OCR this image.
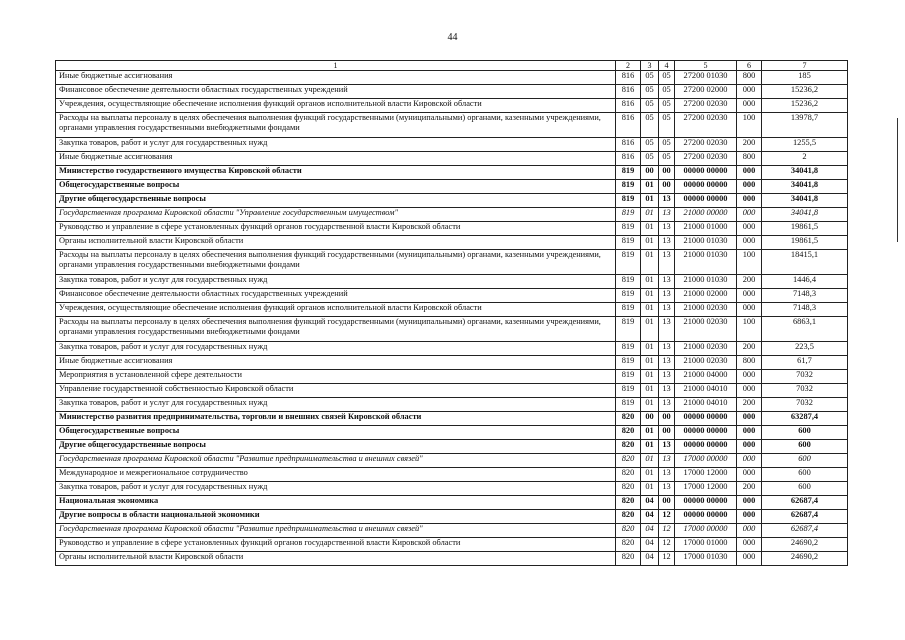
44
1	2	3	4	5	6	7
Иные бюджетные ассигнования	816	05	05	27200 01030	800	185
Финансовое обеспечение деятельности областных государственных учреждений	816	05	05	27200 02000	000	15236,2
Учреждения, осуществляющие обеспечение исполнения функций органов исполнительной власти Кировской области	816	05	05	27200 02030	000	15236,2
Расходы на выплаты персоналу в целях обеспечения выполнения функций государственными (муниципальными) органами, казенными учреждениями, органами управления государственными внебюджетными фондами	816	05	05	27200 02030	100	13978,7
Закупка товаров, работ и услуг для государственных нужд	816	05	05	27200 02030	200	1255,5
Иные бюджетные ассигнования	816	05	05	27200 02030	800	2
Министерство государственного имущества Кировской области	819	00	00	00000 00000	000	34041,8
Общегосударственные вопросы	819	01	00	00000 00000	000	34041,8
Другие общегосударственные вопросы	819	01	13	00000 00000	000	34041,8
Государственная программа Кировской области "Управление государственным имуществом"	819	01	13	21000 00000	000	34041,8
Руководство и управление в сфере установленных функций органов государственной власти Кировской области	819	01	13	21000 01000	000	19861,5
Органы исполнительной власти Кировской области	819	01	13	21000 01030	000	19861,5
Расходы на выплаты персоналу в целях обеспечения выполнения функций государственными (муниципальными) органами, казенными учреждениями, органами управления государственными внебюджетными фондами	819	01	13	21000 01030	100	18415,1
Закупка товаров, работ и услуг для государственных нужд	819	01	13	21000 01030	200	1446,4
Финансовое обеспечение деятельности областных государственных учреждений	819	01	13	21000 02000	000	7148,3
Учреждения, осуществляющие обеспечение исполнения функций органов исполнительной власти Кировской области	819	01	13	21000 02030	000	7148,3
Расходы на выплаты персоналу в целях обеспечения выполнения функций государственными (муниципальными) органами, казенными учреждениями, органами управления государственными внебюджетными фондами	819	01	13	21000 02030	100	6863,1
Закупка товаров, работ и услуг для государственных нужд	819	01	13	21000 02030	200	223,5
Иные бюджетные ассигнования	819	01	13	21000 02030	800	61,7
Мероприятия в установленной сфере деятельности	819	01	13	21000 04000	000	7032
Управление государственной собственностью Кировской области	819	01	13	21000 04010	000	7032
Закупка товаров, работ и услуг для государственных нужд	819	01	13	21000 04010	200	7032
Министерство развития предпринимательства, торговли и внешних связей Кировской области	820	00	00	00000 00000	000	63287,4
Общегосударственные вопросы	820	01	00	00000 00000	000	600
Другие общегосударственные вопросы	820	01	13	00000 00000	000	600
Государственная программа Кировской области "Развитие предпринимательства и внешних связей"	820	01	13	17000 00000	000	600
Международное и межрегиональное сотрудничество	820	01	13	17000 12000	000	600
Закупка товаров, работ и услуг для государственных нужд	820	01	13	17000 12000	200	600
Национальная экономика	820	04	00	00000 00000	000	62687,4
Другие вопросы в области национальной экономики	820	04	12	00000 00000	000	62687,4
Государственная программа Кировской области "Развитие предпринимательства и внешних связей"	820	04	12	17000 00000	000	62687,4
Руководство и управление в сфере установленных функций органов государственной власти Кировской области	820	04	12	17000 01000	000	24690,2
Органы исполнительной власти Кировской области	820	04	12	17000 01030	000	24690,2
